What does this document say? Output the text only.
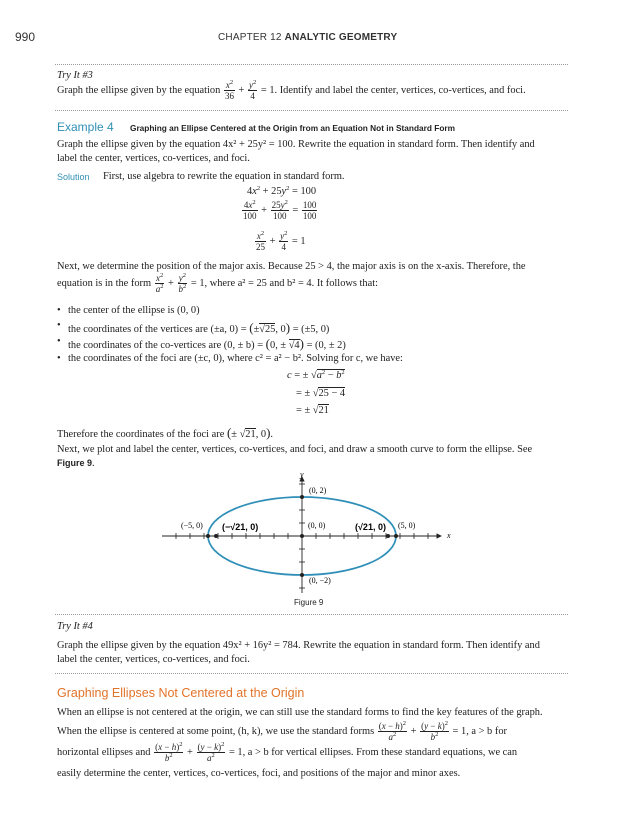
990	CHAPTER 12 ANALYTIC GEOMETRY
Try It #3
Graph the ellipse given by the equation $\frac{x^2}{36} + \frac{y^2}{4} = 1$. Identify and label the center, vertices, co-vertices, and foci.
Example 4 Graphing an Ellipse Centered at the Origin from an Equation Not in Standard Form
Graph the ellipse given by the equation 4x² + 25y² = 100. Rewrite the equation in standard form. Then identify and
label the center, vertices, co-vertices, and foci.
Solution First, use algebra to rewrite the equation in standard form.
$4x^2 + 25y^2 = 100$
$\frac{4x^2}{100} + \frac{25y^2}{100} = \frac{100}{100}$
$\frac{x^2}{25} + \frac{y^2}{4} = 1$
Next, we determine the position of the major axis. Because 25 > 4, the major axis is on the x-axis. Therefore, the
equation is in the form $\frac{x^2}{a^2} + \frac{y^2}{b^2} = 1$, where a² = 25 and b² = 4. It follows that:
• the center of the ellipse is (0, 0)
• the coordinates of the vertices are (±a, 0) = (±√25, 0) = (±5, 0)
• the coordinates of the co-vertices are (0, ± b) = (0, ± √4) = (0, ± 2)
• the coordinates of the foci are (±c, 0), where c² = a² − b². Solving for c, we have:
c = ± $√a^2 - b^2$
= ± √25 − 4
= ± √21
Therefore the coordinates of the foci are (± √21, 0).
Next, we plot and label the center, vertices, co-vertices, and foci, and draw a smooth curve to form the ellipse. See
Figure 9.
x
y
(−5, 0)	(5, 0)
(0, 2)
(0, −2)
(0, 0)
(−√21, 0)	(√21, 0)
Figure 9
Try It #4
Graph the ellipse given by the equation 49x² + 16y² = 784. Rewrite the equation in standard form. Then identify and
label the center, vertices, co-vertices, and foci.
Graphing Ellipses Not Centered at the Origin
When an ellipse is not centered at the origin, we can still use the standard forms to find the key features of the graph.
When the ellipse is centered at some point, (h, k), we use the standard forms $\frac{(x - h)^2}{a^2} + \frac{(y - k)^2}{b^2} = 1$, a > b for
horizontal ellipses and $\frac{(x - h)^2}{b^2} + \frac{(y - k)^2}{a^2} = 1$, a > b for vertical ellipses. From these standard equations, we can
easily determine the center, vertices, co-vertices, foci, and positions of the major and minor axes.
